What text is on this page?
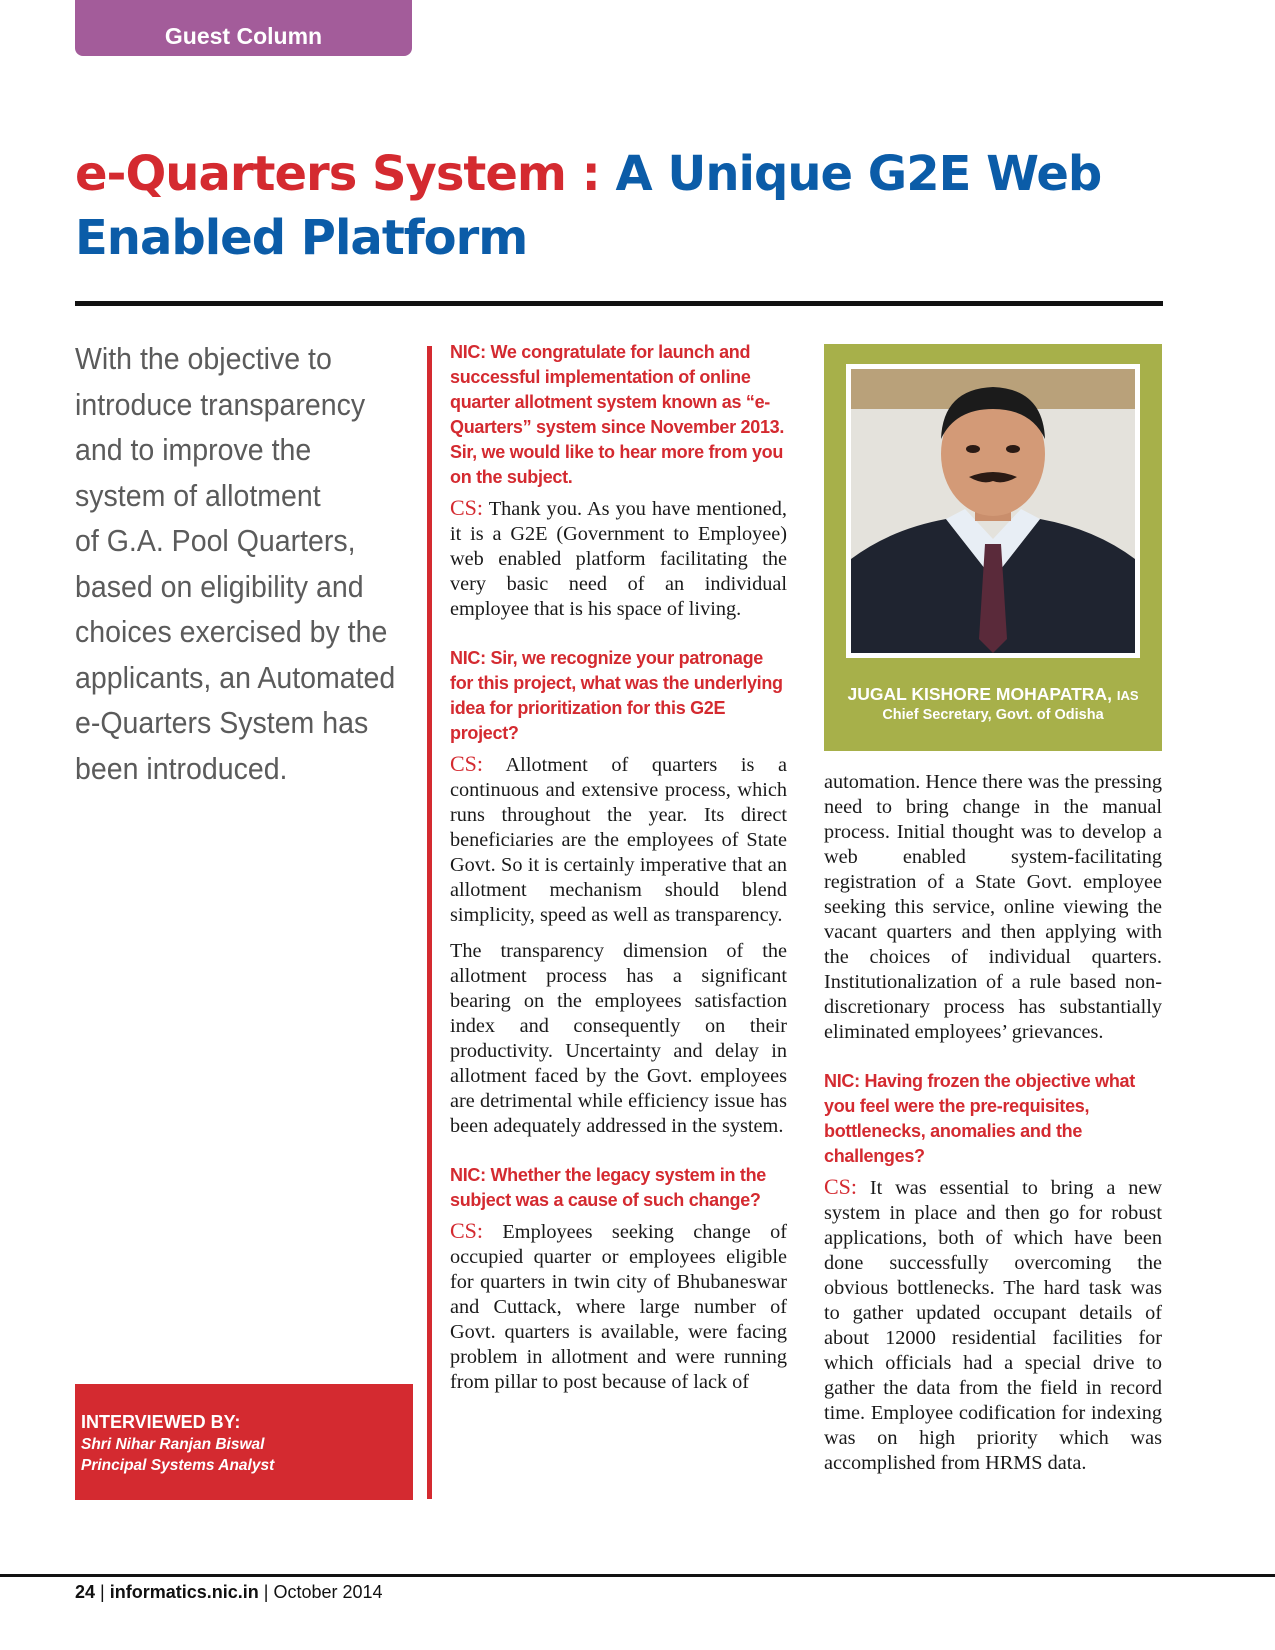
Guest Column
e-Quarters System : A Unique G2E Web
Enabled Platform
With the objective to
introduce transparency
and to improve the
system of allotment
of G.A. Pool Quarters,
based on eligibility and
choices exercised by the
applicants, an Automated
e-Quarters System has
been introduced.
INTERVIEWED BY:
Shri Nihar Ranjan Biswal
Principal Systems Analyst

NIC: We congratulate for launch and successful implementation of online quarter allotment system known as “e-Quarters” system since November 2013. Sir, we would like to hear more from you on the subject.

CS: Thank you. As you have mentioned, it is a G2E (Government to Employee) web enabled platform facilitating the very basic need of an individual employee that is his space of living.

NIC: Sir, we recognize your patronage for this project, what was the underlying idea for prioritization for this G2E project?

CS: Allotment of quarters is a continuous and extensive process, which runs throughout the year. Its direct beneficiaries are the employees of State Govt. So it is certainly imperative that an allotment mechanism should blend simplicity, speed as well as transparency.

The transparency dimension of the allotment process has a significant bearing on the employees satisfaction index and consequently on their productivity. Uncertainty and delay in allotment faced by the Govt. employees are detrimental while efficiency issue has been adequately addressed in the system.

NIC: Whether the legacy system in the subject was a cause of such change?

CS: Employees seeking change of occupied quarter or employees eligible for quarters in twin city of Bhubaneswar and Cuttack, where large number of Govt. quarters is available, were facing problem in allotment and were running from pillar to post because of lack of

JUGAL KISHORE MOHAPATRA, IAS
Chief Secretary, Govt. of Odisha

automation. Hence there was the pressing need to bring change in the manual process. Initial thought was to develop a web enabled system-facilitating registration of a State Govt. employee seeking this service, online viewing the vacant quarters and then applying with the choices of individual quarters. Institutionalization of a rule based non-discretionary process has substantially eliminated employees’ grievances.

NIC: Having frozen the objective what you feel were the pre-requisites, bottlenecks, anomalies and the challenges?

CS: It was essential to bring a new system in place and then go for robust applications, both of which have been done successfully overcoming the obvious bottlenecks. The hard task was to gather updated occupant details of about 12000 residential facilities for which officials had a special drive to gather the data from the field in record time. Employee codification for indexing was on high priority which was accomplished from HRMS data.

24 | informatics.nic.in | October 2014
